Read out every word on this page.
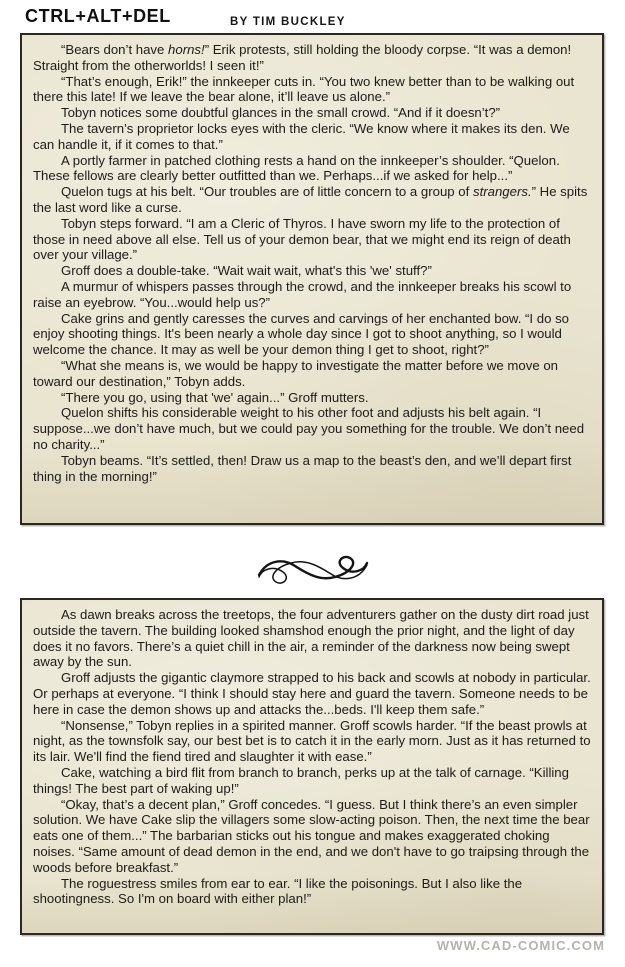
CTRL+ALT+DEL	BY TIM BUCKLEY

“Bears don’t have horns!” Erik protests, still holding the bloody corpse. “It was a demon! Straight from the otherworlds! I seen it!”

“That’s enough, Erik!” the innkeeper cuts in. “You two knew better than to be walking out there this late! If we leave the bear alone, it’ll leave us alone.”

Tobyn notices some doubtful glances in the small crowd. “And if it doesn’t?”

The tavern’s proprietor locks eyes with the cleric. “We know where it makes its den. We can handle it, if it comes to that.”

A portly farmer in patched clothing rests a hand on the innkeeper’s shoulder. “Quelon. These fellows are clearly better outfitted than we. Perhaps...if we asked for help...”

Quelon tugs at his belt. “Our troubles are of little concern to a group of strangers.” He spits the last word like a curse.

Tobyn steps forward. “I am a Cleric of Thyros. I have sworn my life to the protection of those in need above all else. Tell us of your demon bear, that we might end its reign of death over your village.”

Groff does a double-take. “Wait wait wait, what's this 'we' stuff?”

A murmur of whispers passes through the crowd, and the innkeeper breaks his scowl to raise an eyebrow. “You...would help us?”

Cake grins and gently caresses the curves and carvings of her enchanted bow. “I do so enjoy shooting things. It's been nearly a whole day since I got to shoot anything, so I would welcome the chance. It may as well be your demon thing I get to shoot, right?”

“What she means is, we would be happy to investigate the matter before we move on toward our destination,” Tobyn adds.

“There you go, using that 'we' again...” Groff mutters.

Quelon shifts his considerable weight to his other foot and adjusts his belt again. “I suppose...we don’t have much, but we could pay you something for the trouble. We don’t need no charity...”

Tobyn beams. “It’s settled, then! Draw us a map to the beast’s den, and we’ll depart first thing in the morning!”

As dawn breaks across the treetops, the four adventurers gather on the dusty dirt road just outside the tavern. The building looked shamshod enough the prior night, and the light of day does it no favors. There’s a quiet chill in the air, a reminder of the darkness now being swept away by the sun.

Groff adjusts the gigantic claymore strapped to his back and scowls at nobody in particular. Or perhaps at everyone. “I think I should stay here and guard the tavern. Someone needs to be here in case the demon shows up and attacks the...beds. I'll keep them safe.”

“Nonsense,” Tobyn replies in a spirited manner. Groff scowls harder. “If the beast prowls at night, as the townsfolk say, our best bet is to catch it in the early morn. Just as it has returned to its lair. We'll find the fiend tired and slaughter it with ease.”

Cake, watching a bird flit from branch to branch, perks up at the talk of carnage. “Killing things! The best part of waking up!”

“Okay, that’s a decent plan,” Groff concedes. “I guess. But I think there’s an even simpler solution. We have Cake slip the villagers some slow-acting poison. Then, the next time the bear eats one of them...” The barbarian sticks out his tongue and makes exaggerated choking noises. “Same amount of dead demon in the end, and we don't have to go traipsing through the woods before breakfast.”

The roguestress smiles from ear to ear. “I like the poisonings. But I also like the shootingness. So I'm on board with either plan!”

WWW.CAD-COMIC.COM
